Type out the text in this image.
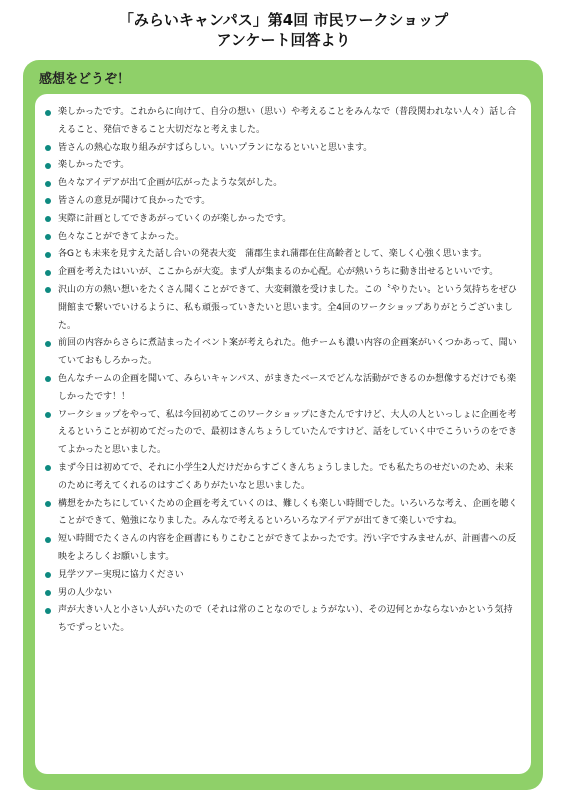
「みらいキャンパス」第4回 市民ワークショップ
アンケート回答より
感想をどうぞ！
楽しかったです。これからに向けて、自分の想い（思い）や考えることをみんなで（普段関われない人々）話し合えること、発信できること大切だなと考えました。
皆さんの熱心な取り組みがすばらしい。いいプランになるといいと思います。
楽しかったです。
色々なアイデアが出て企画が広がったような気がした。
皆さんの意見が聞けて良かったです。
実際に計画としてできあがっていくのが楽しかったです。
色々なことができてよかった。
各Gとも未来を見すえた話し合いの発表大変　蒲郡生まれ蒲郡在住高齢者として、楽しく心強く思います。
企画を考えたはいいが、ここからが大変。まず人が集まるのか心配。心が熱いうちに動き出せるといいです。
沢山の方の熱い想いをたくさん聞くことができて、大変刺激を受けました。この〝やりたい〟という気持ちをぜひ開館まで繋いでいけるように、私も頑張っていきたいと思います。全4回のワークショップありがとうございました。
前回の内容からさらに煮詰まったイベント案が考えられた。他チームも濃い内容の企画案がいくつかあって、聞いていておもしろかった。
色んなチームの企画を聞いて、みらいキャンパス、がまきたベースでどんな活動ができるのか想像するだけでも楽しかったです！！
ワークショップをやって、私は今回初めてこのワークショップにきたんですけど、大人の人といっしょに企画を考えるということが初めてだったので、最初はきんちょうしていたんですけど、話をしていく中でこういうのをできてよかったと思いました。
まず今日は初めてで、それに小学生2人だけだからすごくきんちょうしました。でも私たちのせだいのため、未来のために考えてくれるのはすごくありがたいなと思いました。
構想をかたちにしていくための企画を考えていくのは、難しくも楽しい時間でした。いろいろな考え、企画を聴くことができて、勉強になりました。みんなで考えるといろいろなアイデアが出てきて楽しいですね。
短い時間でたくさんの内容を企画書にもりこむことができてよかったです。汚い字ですみませんが、計画書への反映をよろしくお願いします。
見学ツアー実現に協力ください
男の人少ない
声が大きい人と小さい人がいたので（それは常のことなのでしょうがない）、その辺何とかならないかという気持ちでずっといた。
